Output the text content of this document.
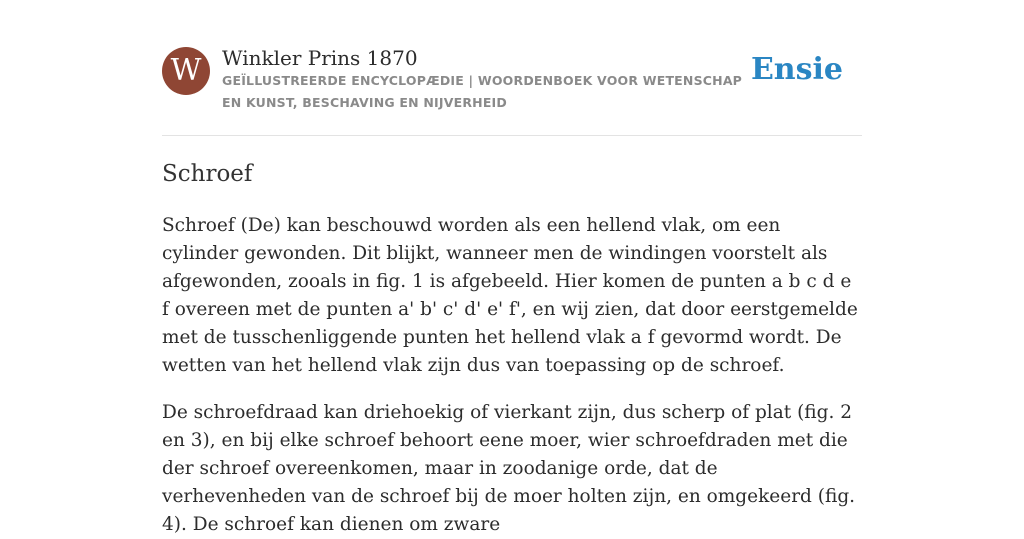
W	Winkler Prins 1870
GEÏLLUSTREERDE ENCYCLOPÆDIE | WOORDENBOEK VOOR WETENSCHAP EN KUNST, BESCHAVING EN NIJVERHEID
Ensie
Schroef

Schroef (De) kan beschouwd worden als een hellend vlak, om een cylinder gewonden. Dit blijkt, wanneer men de windingen voorstelt als afgewonden, zooals in fig. 1 is afgebeeld. Hier komen de punten a b c d e f overeen met de punten a' b' c' d' e' f', en wij zien, dat door eerstgemelde met de tusschenliggende punten het hellend vlak a f gevormd wordt. De wetten van het hellend vlak zijn dus van toepassing op de schroef.

De schroefdraad kan driehoekig of vierkant zijn, dus scherp of plat (fig. 2 en 3), en bij elke schroef behoort eene moer, wier schroefdraden met die der schroef overeenkomen, maar in zoodanige orde, dat de verhevenheden van de schroef bij de moer holten zijn, en omgekeerd (fig. 4). De schroef kan dienen om zware
